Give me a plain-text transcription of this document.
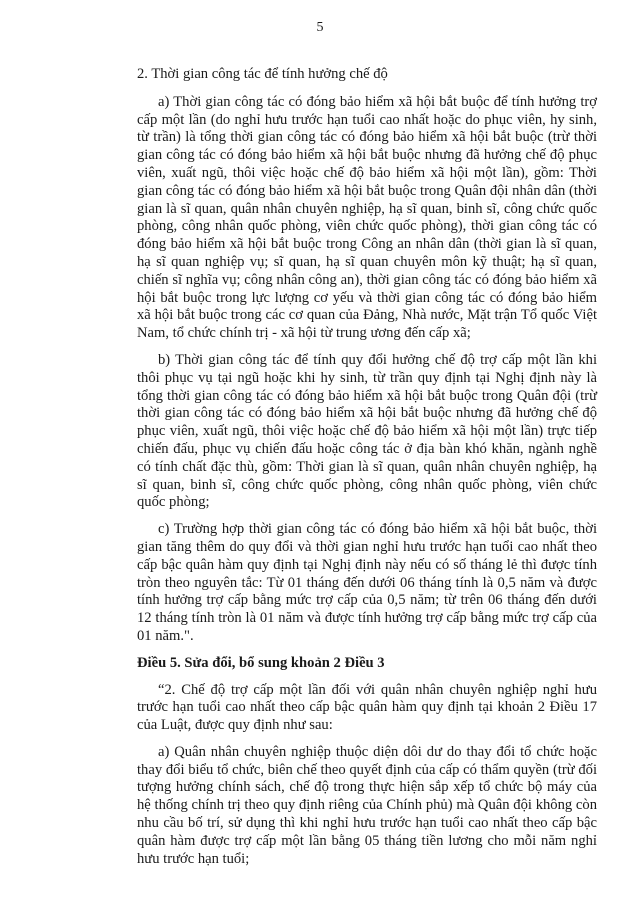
5

2. Thời gian công tác để tính hưởng chế độ

a) Thời gian công tác có đóng bảo hiểm xã hội bắt buộc để tính hưởng trợ cấp một lần (do nghỉ hưu trước hạn tuổi cao nhất hoặc do phục viên, hy sinh, từ trần) là tổng thời gian công tác có đóng bảo hiểm xã hội bắt buộc (trừ thời gian công tác có đóng bảo hiểm xã hội bắt buộc nhưng đã hưởng chế độ phục viên, xuất ngũ, thôi việc hoặc chế độ bảo hiểm xã hội một lần), gồm: Thời gian công tác có đóng bảo hiểm xã hội bắt buộc trong Quân đội nhân dân (thời gian là sĩ quan, quân nhân chuyên nghiệp, hạ sĩ quan, binh sĩ, công chức quốc phòng, công nhân quốc phòng, viên chức quốc phòng), thời gian công tác có đóng bảo hiểm xã hội bắt buộc trong Công an nhân dân (thời gian là sĩ quan, hạ sĩ quan nghiệp vụ; sĩ quan, hạ sĩ quan chuyên môn kỹ thuật; hạ sĩ quan, chiến sĩ nghĩa vụ; công nhân công an), thời gian công tác có đóng bảo hiểm xã hội bắt buộc trong lực lượng cơ yếu và thời gian công tác có đóng bảo hiểm xã hội bắt buộc trong các cơ quan của Đảng, Nhà nước, Mặt trận Tổ quốc Việt Nam, tổ chức chính trị - xã hội từ trung ương đến cấp xã;

b) Thời gian công tác để tính quy đổi hưởng chế độ trợ cấp một lần khi thôi phục vụ tại ngũ hoặc khi hy sinh, từ trần quy định tại Nghị định này là tổng thời gian công tác có đóng bảo hiểm xã hội bắt buộc trong Quân đội (trừ thời gian công tác có đóng bảo hiểm xã hội bắt buộc nhưng đã hưởng chế độ phục viên, xuất ngũ, thôi việc hoặc chế độ bảo hiểm xã hội một lần) trực tiếp chiến đấu, phục vụ chiến đấu hoặc công tác ở địa bàn khó khăn, ngành nghề có tính chất đặc thù, gồm: Thời gian là sĩ quan, quân nhân chuyên nghiệp, hạ sĩ quan, binh sĩ, công chức quốc phòng, công nhân quốc phòng, viên chức quốc phòng;

c) Trường hợp thời gian công tác có đóng bảo hiểm xã hội bắt buộc, thời gian tăng thêm do quy đổi và thời gian nghỉ hưu trước hạn tuổi cao nhất theo cấp bậc quân hàm quy định tại Nghị định này nếu có số tháng lẻ thì được tính tròn theo nguyên tắc: Từ 01 tháng đến dưới 06 tháng tính là 0,5 năm và được tính hưởng trợ cấp bằng mức trợ cấp của 0,5 năm; từ trên 06 tháng đến dưới 12 tháng tính tròn là 01 năm và được tính hưởng trợ cấp bằng mức trợ cấp của 01 năm.".

Điều 5. Sửa đổi, bổ sung khoản 2 Điều 3

“2. Chế độ trợ cấp một lần đối với quân nhân chuyên nghiệp nghỉ hưu trước hạn tuổi cao nhất theo cấp bậc quân hàm quy định tại khoản 2 Điều 17 của Luật, được quy định như sau:

a) Quân nhân chuyên nghiệp thuộc diện dôi dư do thay đổi tổ chức hoặc thay đổi biểu tổ chức, biên chế theo quyết định của cấp có thẩm quyền (trừ đối tượng hưởng chính sách, chế độ trong thực hiện sắp xếp tổ chức bộ máy của hệ thống chính trị theo quy định riêng của Chính phủ) mà Quân đội không còn nhu cầu bố trí, sử dụng thì khi nghỉ hưu trước hạn tuổi cao nhất theo cấp bậc quân hàm được trợ cấp một lần bằng 05 tháng tiền lương cho mỗi năm nghỉ hưu trước hạn tuổi;
